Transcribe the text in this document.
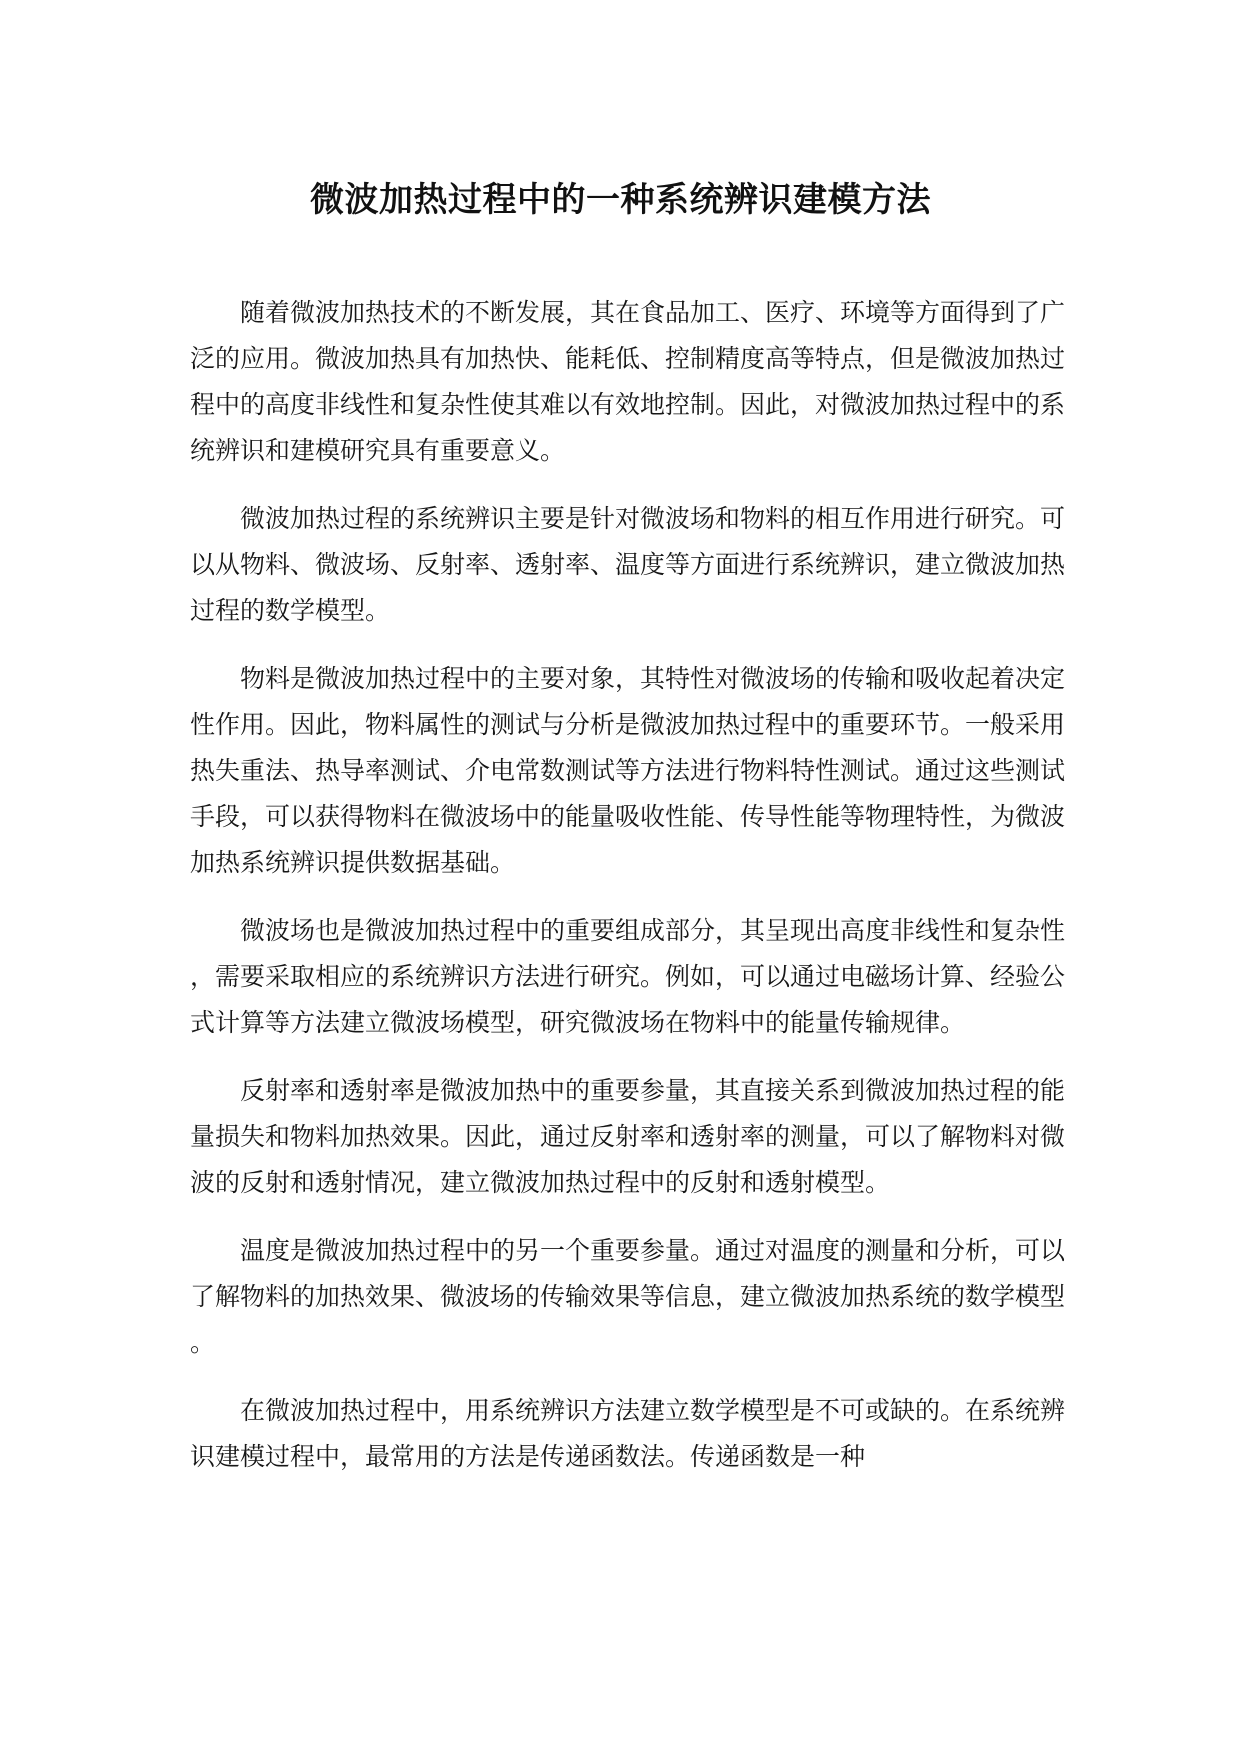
微波加热过程中的一种系统辨识建模方法

随着微波加热技术的不断发展，其在食品加工、医疗、环境等方面得到了广泛的应用。微波加热具有加热快、能耗低、控制精度高等特点，但是微波加热过程中的高度非线性和复杂性使其难以有效地控制。因此，对微波加热过程中的系统辨识和建模研究具有重要意义。

微波加热过程的系统辨识主要是针对微波场和物料的相互作用进行研究。可以从物料、微波场、反射率、透射率、温度等方面进行系统辨识，建立微波加热过程的数学模型。

物料是微波加热过程中的主要对象，其特性对微波场的传输和吸收起着决定性作用。因此，物料属性的测试与分析是微波加热过程中的重要环节。一般采用热失重法、热导率测试、介电常数测试等方法进行物料特性测试。通过这些测试手段，可以获得物料在微波场中的能量吸收性能、传导性能等物理特性，为微波加热系统辨识提供数据基础。

微波场也是微波加热过程中的重要组成部分，其呈现出高度非线性和复杂性，需要采取相应的系统辨识方法进行研究。例如，可以通过电磁场计算、经验公式计算等方法建立微波场模型，研究微波场在物料中的能量传输规律。

反射率和透射率是微波加热中的重要参量，其直接关系到微波加热过程的能量损失和物料加热效果。因此，通过反射率和透射率的测量，可以了解物料对微波的反射和透射情况，建立微波加热过程中的反射和透射模型。

温度是微波加热过程中的另一个重要参量。通过对温度的测量和分析，可以了解物料的加热效果、微波场的传输效果等信息，建立微波加热系统的数学模型。

在微波加热过程中，用系统辨识方法建立数学模型是不可或缺的。在系统辨识建模过程中，最常用的方法是传递函数法。传递函数是一种
